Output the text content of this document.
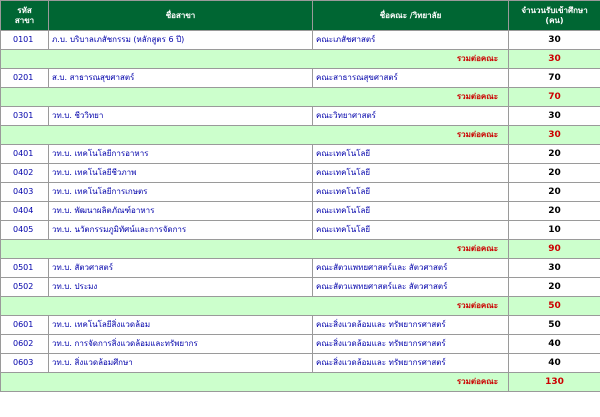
รหัส
สาขา	ชื่อสาขา	ชื่อคณะ /วิทยาลัย	จำนวนรับเข้าศึกษา
(คน)
0101	ภ.บ. บริบาลเภสัชกรรม (หลักสูตร 6 ปี)	คณะเภสัชศาสตร์	30
รวมต่อคณะ			30
0201	ส.บ. สาธารณสุขศาสตร์	คณะสาธารณสุขศาสตร์	70
รวมต่อคณะ			70
0301	วท.บ. ชีววิทยา	คณะวิทยาศาสตร์	30
รวมต่อคณะ			30
0401	วท.บ. เทคโนโลยีการอาหาร	คณะเทคโนโลยี	20
0402	วท.บ. เทคโนโลยีชีวภาพ	คณะเทคโนโลยี	20
0403	วท.บ. เทคโนโลยีการเกษตร	คณะเทคโนโลยี	20
0404	วท.บ. พัฒนาผลิตภัณฑ์อาหาร	คณะเทคโนโลยี	20
0405	วท.บ. นวัตกรรมภูมิทัศน์และการจัดการ	คณะเทคโนโลยี	10
รวมต่อคณะ			90
0501	วท.บ. สัตวศาสตร์	คณะสัตวแพทยศาสตร์และ สัตวศาสตร์	30
0502	วท.บ. ประมง	คณะสัตวแพทยศาสตร์และ สัตวศาสตร์	20
รวมต่อคณะ			50
0601	วท.บ. เทคโนโลยีสิ่งแวดล้อม	คณะสิ่งแวดล้อมและ ทรัพยากรศาสตร์	50
0602	วท.บ. การจัดการสิ่งแวดล้อมและทรัพยากร	คณะสิ่งแวดล้อมและ ทรัพยากรศาสตร์	40
0603	วท.บ. สิ่งแวดล้อมศึกษา	คณะสิ่งแวดล้อมและ ทรัพยากรศาสตร์	40
รวมต่อคณะ			130
